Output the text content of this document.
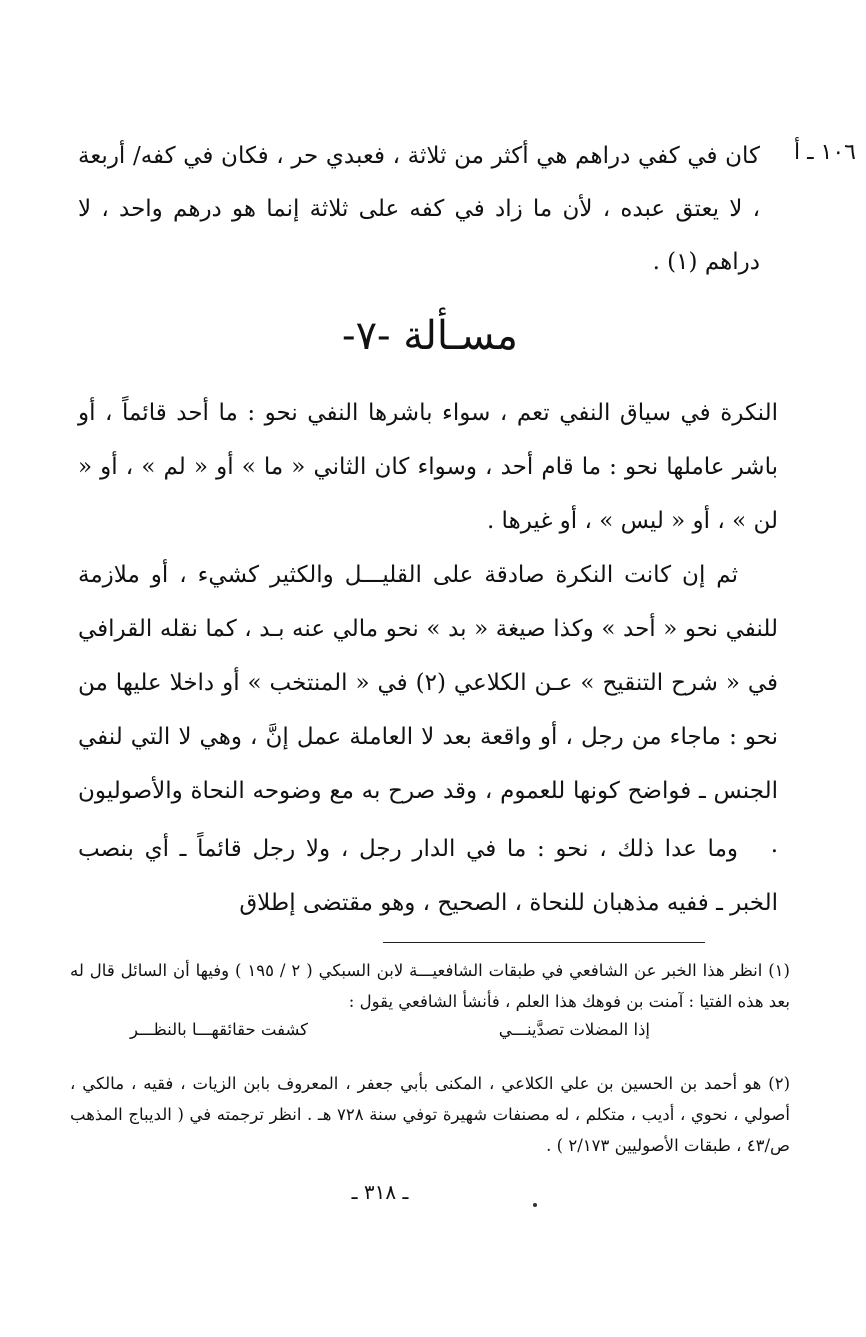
١٠٦ ـ أ
كان في كفي دراهم هي أكثر من ثلاثة ، فعبدي حر ، فكان في كفه/ أربعة ، لا يعتق عبده ، لأن ما زاد في كفه على ثلاثة إنما هو درهم واحد ، لا دراهم (١) .
مسـألة -٧-
النكرة في سياق النفي تعم ، سواء باشرها النفي نحو : ما أحد قائماً ، أو باشر عاملها نحو : ما قام أحد ، وسواء كان الثاني « ما » أو « لم » ، أو « لن » ، أو « ليس » ، أو غيرها .
ثم إن كانت النكرة صادقة على القليـــل والكثير كشيء ، أو ملازمة للنفي نحو « أحد » وكذا صيغة « بد » نحو مالي عنه بـد ، كما نقله القرافي في « شرح التنقيح » عـن الكلاعي (٢) في « المنتخب » أو داخلا عليها من نحو : ماجاء من رجل ، أو واقعة بعد لا العاملة عمل إنَّ ، وهي لا التي لنفي الجنس ـ فواضح كونها للعموم ، وقد صرح به مع وضوحه النحاة والأصوليون .
وما عدا ذلك ، نحو : ما في الدار رجل ، ولا رجل قائماً ـ أي بنصب الخبر ـ ففيه مذهبان للنحاة ، الصحيح ، وهو مقتضى إطلاق
(١) انظر هذا الخبر عن الشافعي في طبقات الشافعيـــة لابن السبكي ( ٢ / ١٩٥ ) وفيها أن السائل قال له بعد هذه الفتيا : آمنت بن فوهك هذا العلم ، فأنشأ الشافعي يقول :
إذا المضلات تصدَّينـــي
كشفت حقائقهـــا بالنظـــر
(٢) هو أحمد بن الحسين بن علي الكلاعي ، المكنى بأبي جعفر ، المعروف بابن الزيات ، فقيه ، مالكي ، أصولي ، نحوي ، أديب ، متكلم ، له مصنفات شهيرة توفي سنة ٧٢٨ هـ . انظر ترجمته في ( الديباج المذهب ص/٤٣ ، طبقات الأصوليين ٢/١٧٣ ) .
ـ ٣١٨ ـ
